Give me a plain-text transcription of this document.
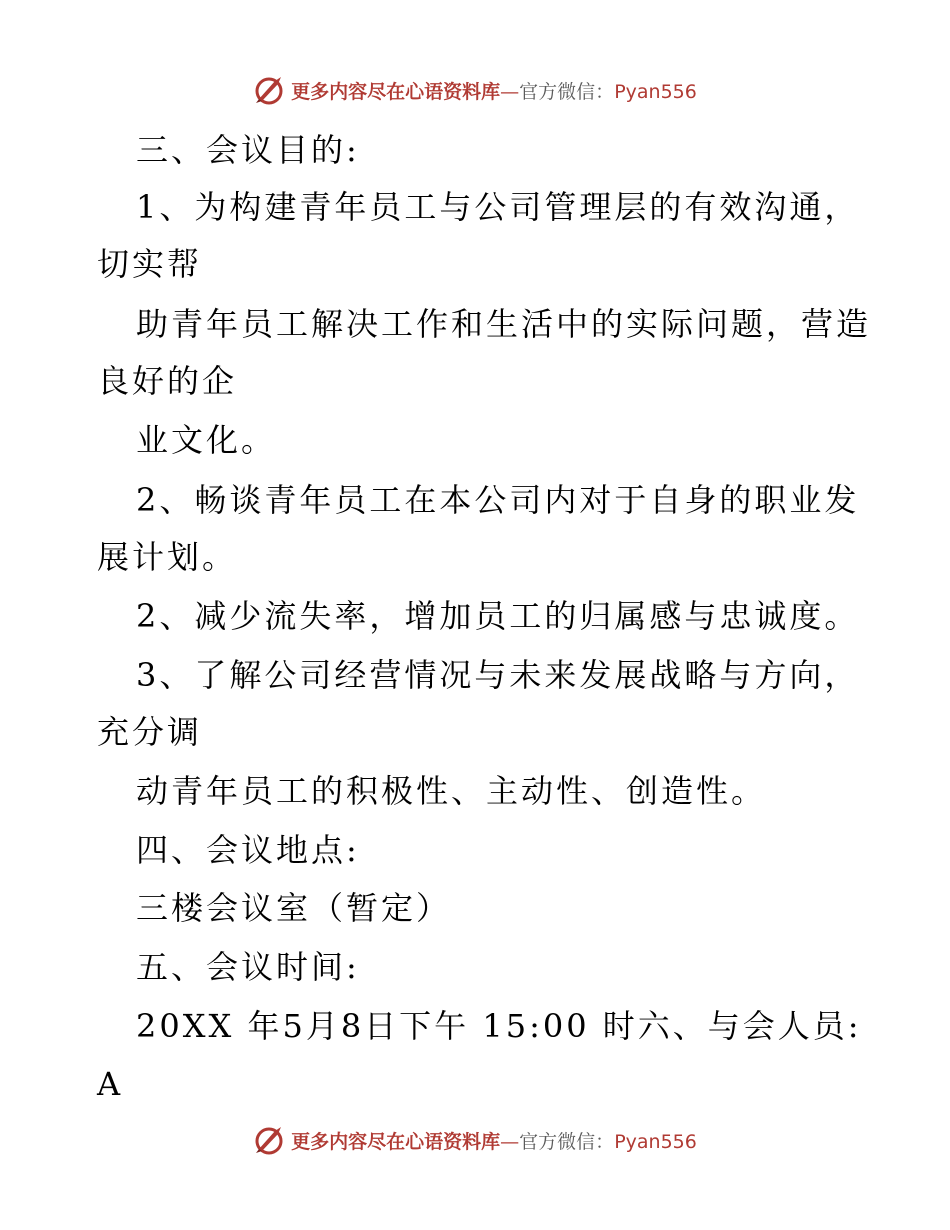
更多内容尽在心语资料库—官方微信：Pyan556
三、会议目的:
1、为构建青年员工与公司管理层的有效沟通，
切实帮
助青年员工解决工作和生活中的实际问题，营造
良好的企
业文化。
2、畅谈青年员工在本公司内对于自身的职业发
展计划。
2、减少流失率，增加员工的归属感与忠诚度。
3、了解公司经营情况与未来发展战略与方向，
充分调
动青年员工的积极性、主动性、创造性。
四、会议地点:
三楼会议室（暂定）
五、会议时间:
20XX 年5月8日下午 15:00 时六、与会人员:
A
更多内容尽在心语资料库—官方微信：Pyan556
